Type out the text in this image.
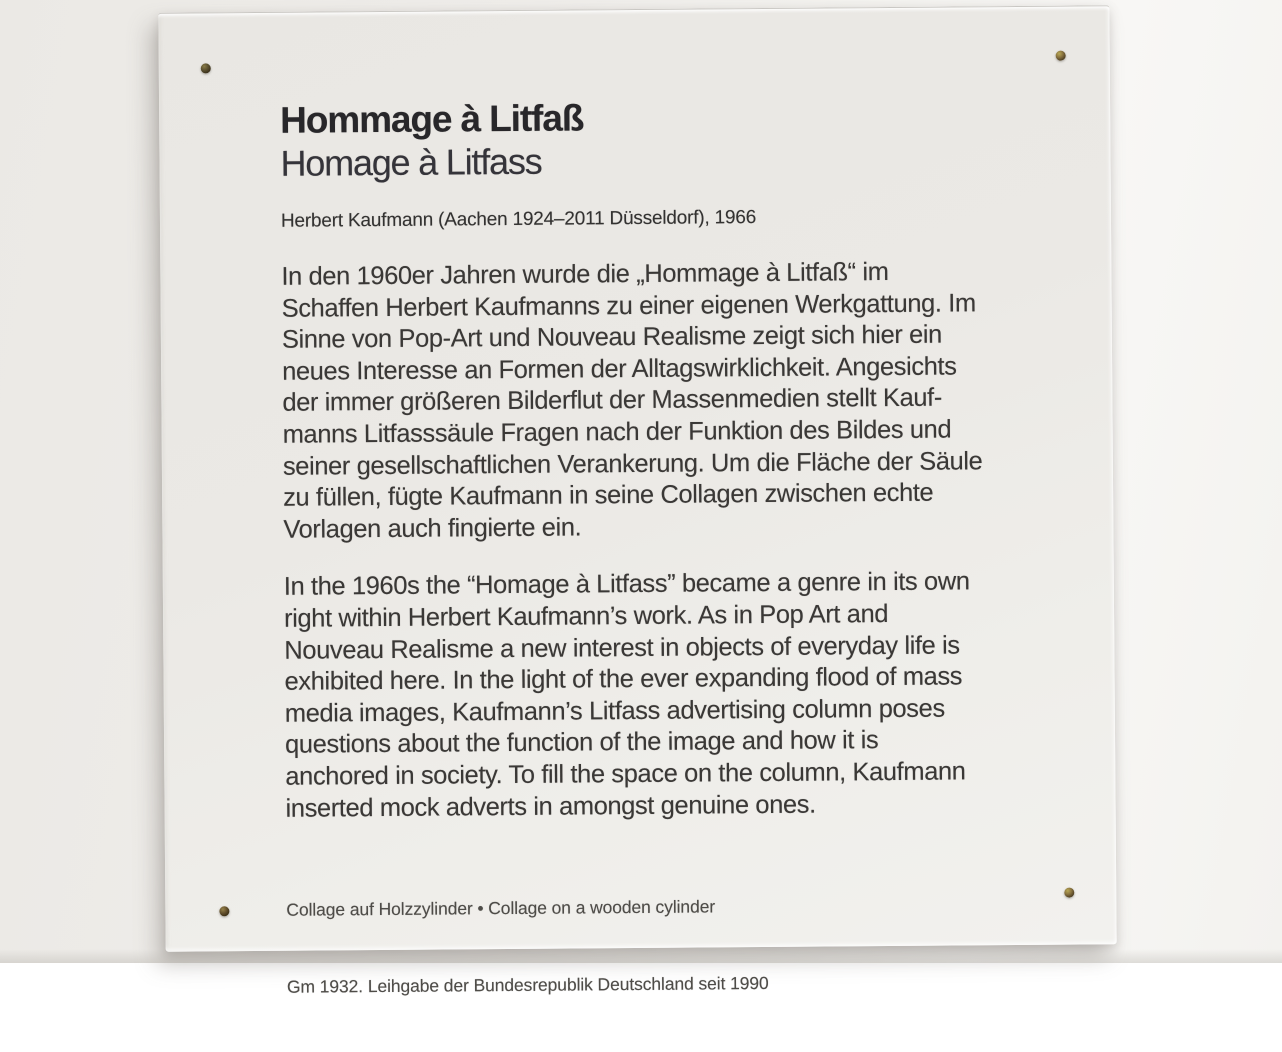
Hommage à Litfaß
Homage à Litfass
Herbert Kaufmann (Aachen 1924–2011 Düsseldorf), 1966
In den 1960er Jahren wurde die „Hommage à Litfaß“ im
Schaffen Herbert Kaufmanns zu einer eigenen Werkgattung. Im
Sinne von Pop-Art und Nouveau Realisme zeigt sich hier ein
neues Interesse an Formen der Alltagswirklichkeit. Angesichts
der immer größeren Bilderflut der Massenmedien stellt Kauf-
manns Litfasssäule Fragen nach der Funktion des Bildes und
seiner gesellschaftlichen Verankerung. Um die Fläche der Säule
zu füllen, fügte Kaufmann in seine Collagen zwischen echte
Vorlagen auch fingierte ein.
In the 1960s the “Homage à Litfass” became a genre in its own
right within Herbert Kaufmann’s work. As in Pop Art and
Nouveau Realisme a new interest in objects of everyday life is
exhibited here. In the light of the ever expanding flood of mass
media images, Kaufmann’s Litfass advertising column poses
questions about the function of the image and how it is
anchored in society. To fill the space on the column, Kaufmann
inserted mock adverts in amongst genuine ones.

Collage auf Holzzylinder • Collage on a wooden cylinder

Gm 1932. Leihgabe der Bundesrepublik Deutschland seit 1990
